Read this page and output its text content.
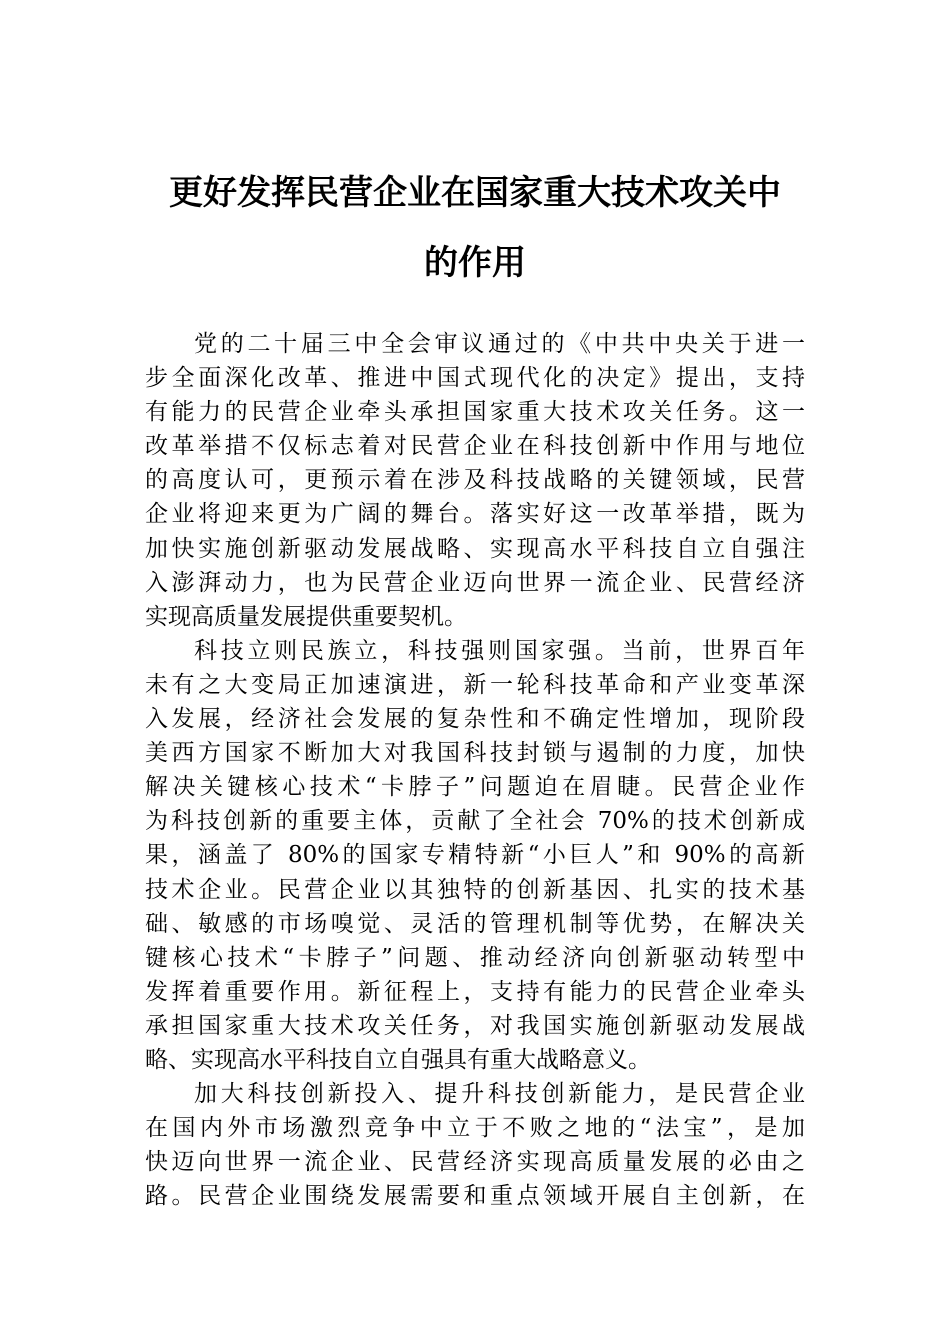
更好发挥民营企业在国家重大技术攻关中
的作用
党的二十届三中全会审议通过的《中共中央关于进一
步全面深化改革、推进中国式现代化的决定》提出，支持
有能力的民营企业牵头承担国家重大技术攻关任务。这一
改革举措不仅标志着对民营企业在科技创新中作用与地位
的高度认可，更预示着在涉及科技战略的关键领域，民营
企业将迎来更为广阔的舞台。落实好这一改革举措，既为
加快实施创新驱动发展战略、实现高水平科技自立自强注
入澎湃动力，也为民营企业迈向世界一流企业、民营经济
实现高质量发展提供重要契机。
科技立则民族立，科技强则国家强。当前，世界百年
未有之大变局正加速演进，新一轮科技革命和产业变革深
入发展，经济社会发展的复杂性和不确定性增加，现阶段
美西方国家不断加大对我国科技封锁与遏制的力度，加快
解决关键核心技术“卡脖子”问题迫在眉睫。民营企业作
为科技创新的重要主体，贡献了全社会 70%的技术创新成
果，涵盖了 80%的国家专精特新“小巨人”和 90%的高新
技术企业。民营企业以其独特的创新基因、扎实的技术基
础、敏感的市场嗅觉、灵活的管理机制等优势，在解决关
键核心技术“卡脖子”问题、推动经济向创新驱动转型中
发挥着重要作用。新征程上，支持有能力的民营企业牵头
承担国家重大技术攻关任务，对我国实施创新驱动发展战
略、实现高水平科技自立自强具有重大战略意义。
加大科技创新投入、提升科技创新能力，是民营企业
在国内外市场激烈竞争中立于不败之地的“法宝”，是加
快迈向世界一流企业、民营经济实现高质量发展的必由之
路。民营企业围绕发展需要和重点领域开展自主创新，在
